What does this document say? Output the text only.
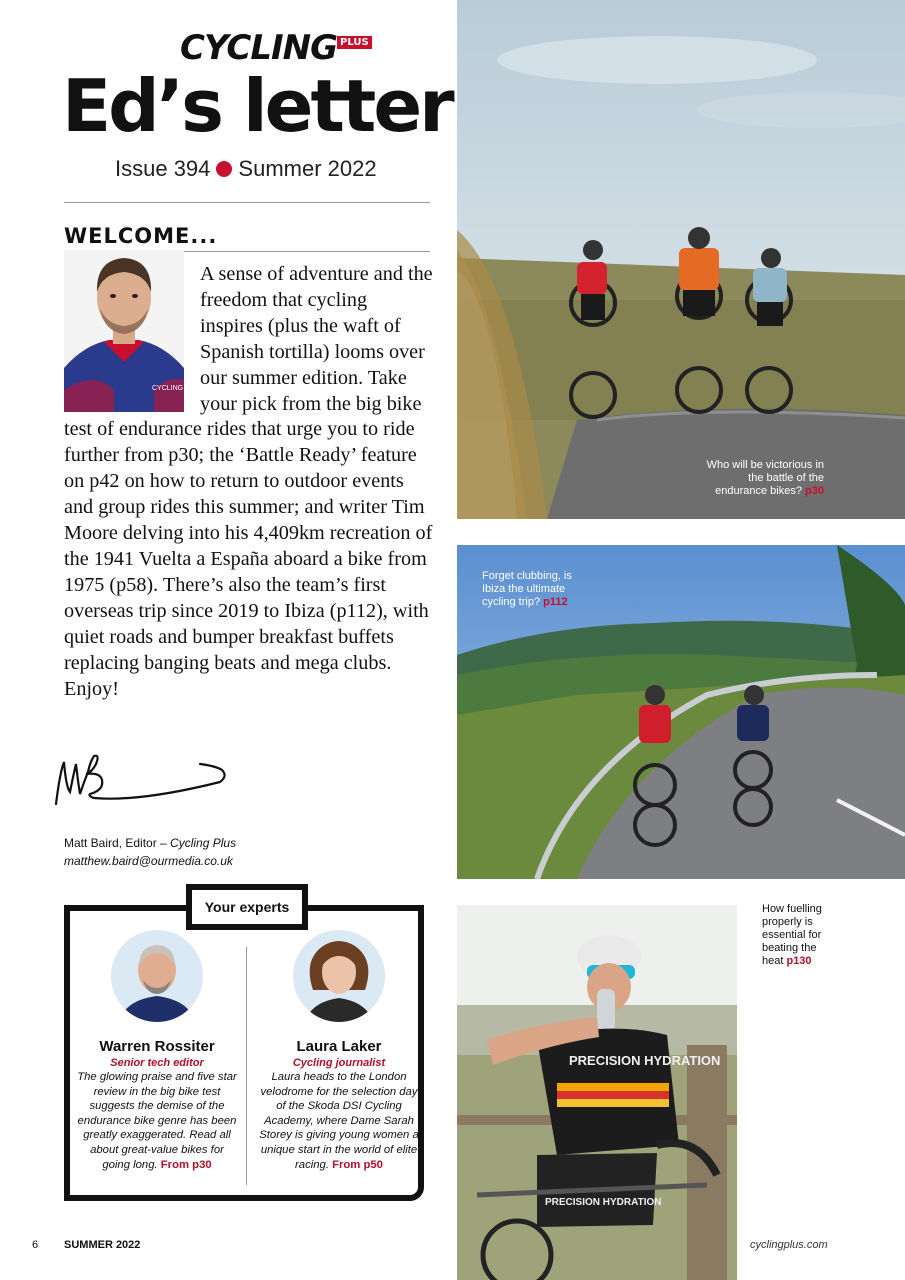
CYCLING PLUS
Ed’s letter
Issue 394 Summer 2022
WELCOME...
CYCLING
A sense of adventure and the freedom that cycling inspires (plus the waft of Spanish tortilla) looms over our summer edition. Take your pick from the big bike test of endurance rides that urge you to ride further from p30; the ‘Battle Ready’ feature on p42 on how to return to outdoor events and group rides this summer; and writer Tim Moore delving into his 4,409km recreation of the 1941 Vuelta a España aboard a bike from 1975 (p58). There’s also the team’s first overseas trip since 2019 to Ibiza (p112), with quiet roads and bumper breakfast buffets replacing banging beats and mega clubs. Enjoy!
Matt Baird, Editor – Cycling Plus
matthew.baird@ourmedia.co.uk
Your experts
Warren Rossiter
Senior tech editor
The glowing praise and five star review in the big bike test suggests the demise of the endurance bike genre has been greatly exaggerated. Read all about great-value bikes for going long. From p30
Laura Laker
Cycling journalist
Laura heads to the London velodrome for the selection day of the Skoda DSI Cycling Academy, where Dame Sarah Storey is giving young women a unique start in the world of elite racing. From p50
Who will be victorious in the battle of the endurance bikes? p30
Forget clubbing, is Ibiza the ultimate cycling trip? p112
PRECISION HYDRATION
PRECISION HYDRATION
How fuelling properly is essential for beating the heat p130
6 SUMMER 2022	cyclingplus.com
